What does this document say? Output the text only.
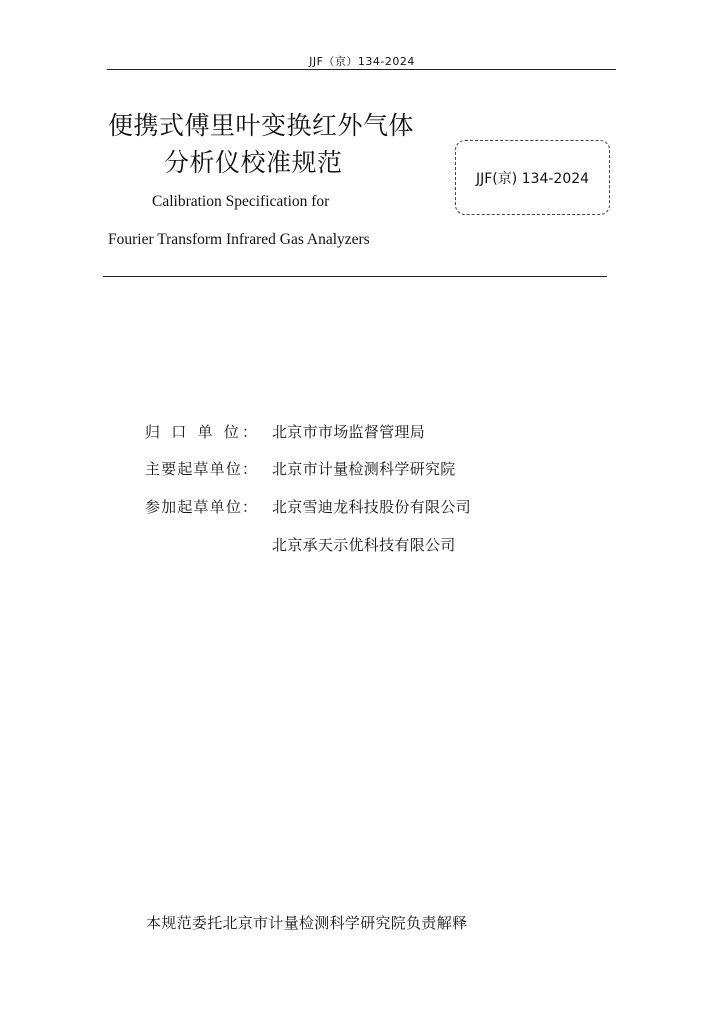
JJF（京）134-2024
便携式傅里叶变换红外气体
分析仪校准规范
Calibration Specification for
Fourier Transform Infrared Gas Analyzers
JJF(京) 134-2024
归 口 单 位： 北京市市场监督管理局
主要起草单位： 北京市计量检测科学研究院
参加起草单位： 北京雪迪龙科技股份有限公司
北京承天示优科技有限公司
本规范委托北京市计量检测科学研究院负责解释
